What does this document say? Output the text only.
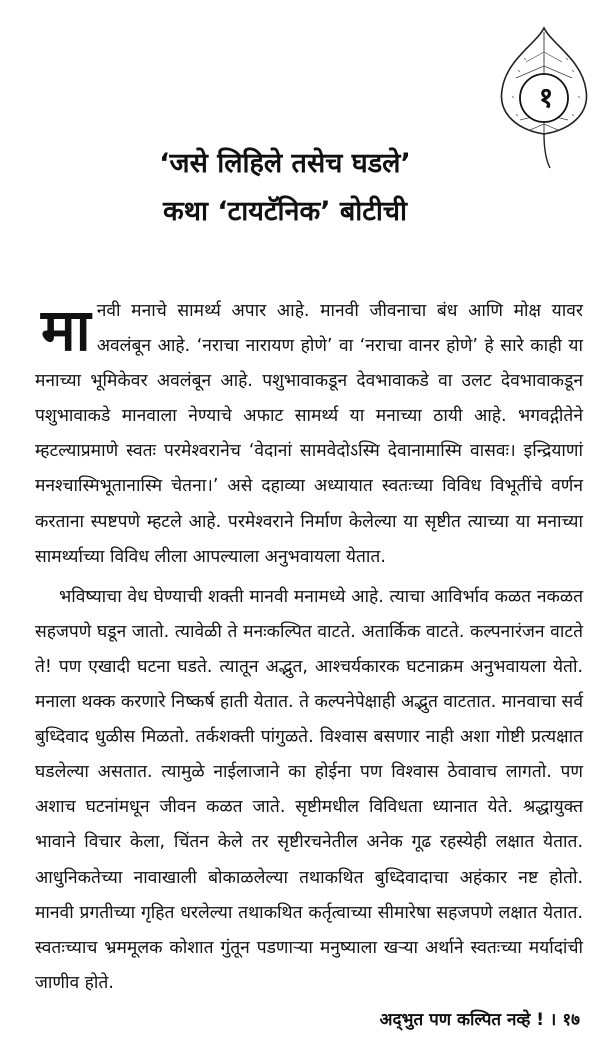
१
‘जसे लिहिले तसेच घडले’
कथा ‘टायटॅनिक’ बोटीची

मानवी मनाचे सामर्थ्य अपार आहे. मानवी जीवनाचा बंध आणि मोक्ष यावर अवलंबून आहे. ‘नराचा नारायण होणे’ वा ‘नराचा वानर होणे’ हे सारे काही या मनाच्या भूमिकेवर अवलंबून आहे. पशुभावाकडून देवभावाकडे वा उलट देवभावाकडून पशुभावाकडे मानवाला नेण्याचे अफाट सामर्थ्य या मनाच्या ठायी आहे. भगवद्गीतेने म्हटल्याप्रमाणे स्वतः परमेश्वरानेच ‘वेदानां सामवेदोऽस्मि देवानामास्मि वासवः। इन्द्रियाणां मनश्चास्मिभूतानास्मि चेतना।’ असे दहाव्या अध्यायात स्वतःच्या विविध विभूतींचे वर्णन करताना स्पष्टपणे म्हटले आहे. परमेश्वराने निर्माण केलेल्या या सृष्टीत त्याच्या या मनाच्या सामर्थ्याच्या विविध लीला आपल्याला अनुभवायला येतात.

भविष्याचा वेध घेण्याची शक्ती मानवी मनामध्ये आहे. त्याचा आविर्भाव कळत नकळत सहजपणे घडून जातो. त्यावेळी ते मनःकल्पित वाटते. अतार्किक वाटते. कल्पनारंजन वाटते ते! पण एखादी घटना घडते. त्यातून अद्भुत, आश्चर्यकारक घटनाक्रम अनुभवायला येतो. मनाला थक्क करणारे निष्कर्ष हाती येतात. ते कल्पनेपेक्षाही अद्भुत वाटतात. मानवाचा सर्व बुध्दिवाद धुळीस मिळतो. तर्कशक्ती पांगुळते. विश्वास बसणार नाही अशा गोष्टी प्रत्यक्षात घडलेल्या असतात. त्यामुळे नाईलाजाने का होईना पण विश्वास ठेवावाच लागतो. पण अशाच घटनांमधून जीवन कळत जाते. सृष्टीमधील विविधता ध्यानात येते. श्रद्धायुक्त भावाने विचार केला, चिंतन केले तर सृष्टीरचनेतील अनेक गूढ रहस्येही लक्षात येतात. आधुनिकतेच्या नावाखाली बोकाळलेल्या तथाकथित बुध्दिवादाचा अहंकार नष्ट होतो. मानवी प्रगतीच्या गृहित धरलेल्या तथाकथित कर्तृत्वाच्या सीमारेषा सहजपणे लक्षात येतात. स्वतःच्याच भ्रममूलक कोशात गुंतून पडणाऱ्या मनुष्याला खऱ्या अर्थाने स्वतःच्या मर्यादांची जाणीव होते.

अद्‌भुत पण कल्पित नव्हे ! । १७
